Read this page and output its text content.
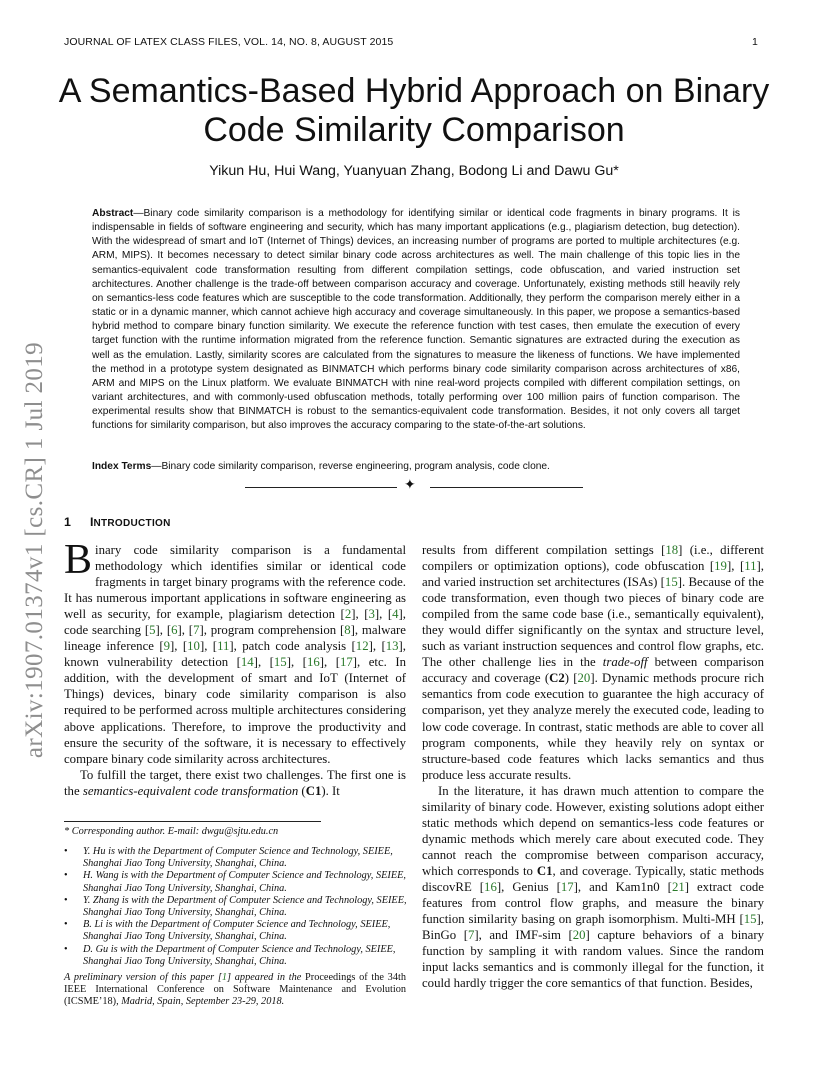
JOURNAL OF LATEX CLASS FILES, VOL. 14, NO. 8, AUGUST 2015	1
arXiv:1907.01374v1 [cs.CR] 1 Jul 2019
A Semantics-Based Hybrid Approach on Binary Code Similarity Comparison
Yikun Hu, Hui Wang, Yuanyuan Zhang, Bodong Li and Dawu Gu*
Abstract—Binary code similarity comparison is a methodology for identifying similar or identical code fragments in binary programs. It is indispensable in fields of software engineering and security, which has many important applications (e.g., plagiarism detection, bug detection). With the widespread of smart and IoT (Internet of Things) devices, an increasing number of programs are ported to multiple architectures (e.g. ARM, MIPS). It becomes necessary to detect similar binary code across architectures as well. The main challenge of this topic lies in the semantics-equivalent code transformation resulting from different compilation settings, code obfuscation, and varied instruction set architectures. Another challenge is the trade-off between comparison accuracy and coverage. Unfortunately, existing methods still heavily rely on semantics-less code features which are susceptible to the code transformation. Additionally, they perform the comparison merely either in a static or in a dynamic manner, which cannot achieve high accuracy and coverage simultaneously. In this paper, we propose a semantics-based hybrid method to compare binary function similarity. We execute the reference function with test cases, then emulate the execution of every target function with the runtime information migrated from the reference function. Semantic signatures are extracted during the execution as well as the emulation. Lastly, similarity scores are calculated from the signatures to measure the likeness of functions. We have implemented the method in a prototype system designated as BINMATCH which performs binary code similarity comparison across architectures of x86, ARM and MIPS on the Linux platform. We evaluate BINMATCH with nine real-word projects compiled with different compilation settings, on variant architectures, and with commonly-used obfuscation methods, totally performing over 100 million pairs of function comparison. The experimental results show that BINMATCH is robust to the semantics-equivalent code transformation. Besides, it not only covers all target functions for similarity comparison, but also improves the accuracy comparing to the state-of-the-art solutions.
Index Terms—Binary code similarity comparison, reverse engineering, program analysis, code clone.
✦
1 INTRODUCTION

Binary code similarity comparison is a fundamental methodology which identifies similar or identical code fragments in target binary programs with the reference code. It has numerous important applications in software engineering as well as security, for example, plagiarism detection [ 2 ] , [ 3 ] , [ 4 ] , code searching [ 5 ] , [ 6 ] , [ 7 ] , program comprehension [ 8 ] , malware lineage inference [ 9 ] , [ 10 ] , [ 11 ] , patch code analysis [ 12 ] , [ 13 ] , known vulnerability detection [ 14 ] , [ 15 ] , [ 16 ] , [ 17 ] , etc. In addition, with the development of smart and IoT (Internet of Things) devices, binary code similarity comparison is also required to be performed across multiple architectures considering above applications. Therefore, to improve the productivity and ensure the security of the software, it is necessary to effectively compare binary code similarity across architectures.

To fulfill the target, there exist two challenges. The first one is the semantics-equivalent code transformation (C1). It

results from different compilation settings [ 18 ] (i.e., different compilers or optimization options), code obfuscation [ 19 ] , [ 11 ] , and varied instruction set architectures (ISAs) [ 15 ] . Because of the code transformation, even though two pieces of binary code are compiled from the same code base (i.e., semantically equivalent), they would differ significantly on the syntax and structure level, such as variant instruction sequences and control flow graphs, etc. The other challenge lies in the trade-off between comparison accuracy and coverage (C2) [ 20 ] . Dynamic methods procure rich semantics from code execution to guarantee the high accuracy of comparison, yet they analyze merely the executed code, leading to low code coverage. In contrast, static methods are able to cover all program components, while they heavily rely on syntax or structure-based code features which lacks semantics and thus produce less accurate results.

In the literature, it has drawn much attention to compare the similarity of binary code. However, existing solutions adopt either static methods which depend on semantics-less code features or dynamic methods which merely care about executed code. They cannot reach the compromise between comparison accuracy, which corresponds to C1, and coverage. Typically, static methods discovRE [ 16 ] , Genius [ 17 ] , and Kam1n0 [ 21 ] extract code features from control flow graphs, and measure the binary function similarity basing on graph isomorphism. Multi-MH [ 15 ] , BinGo [ 7 ] , and IMF-sim [ 20 ] capture behaviors of a binary function by sampling it with random values. Since the random input lacks semantics and is commonly illegal for the function, it could hardly trigger the core semantics of that function. Besides,

* Corresponding author. E-mail: dwgu@sjtu.edu.cn
• Y. Hu is with the Department of Computer Science and Technology, SEIEE, Shanghai Jiao Tong University, Shanghai, China.
• H. Wang is with the Department of Computer Science and Technology, SEIEE, Shanghai Jiao Tong University, Shanghai, China.
• Y. Zhang is with the Department of Computer Science and Technology, SEIEE, Shanghai Jiao Tong University, Shanghai, China.
• B. Li is with the Department of Computer Science and Technology, SEIEE, Shanghai Jiao Tong University, Shanghai, China.
• D. Gu is with the Department of Computer Science and Technology, SEIEE, Shanghai Jiao Tong University, Shanghai, China.
A preliminary version of this paper [ 1 ] appeared in the Proceedings of the 34th IEEE International Conference on Software Maintenance and Evolution (ICSME’18), Madrid, Spain, September 23-29, 2018.
